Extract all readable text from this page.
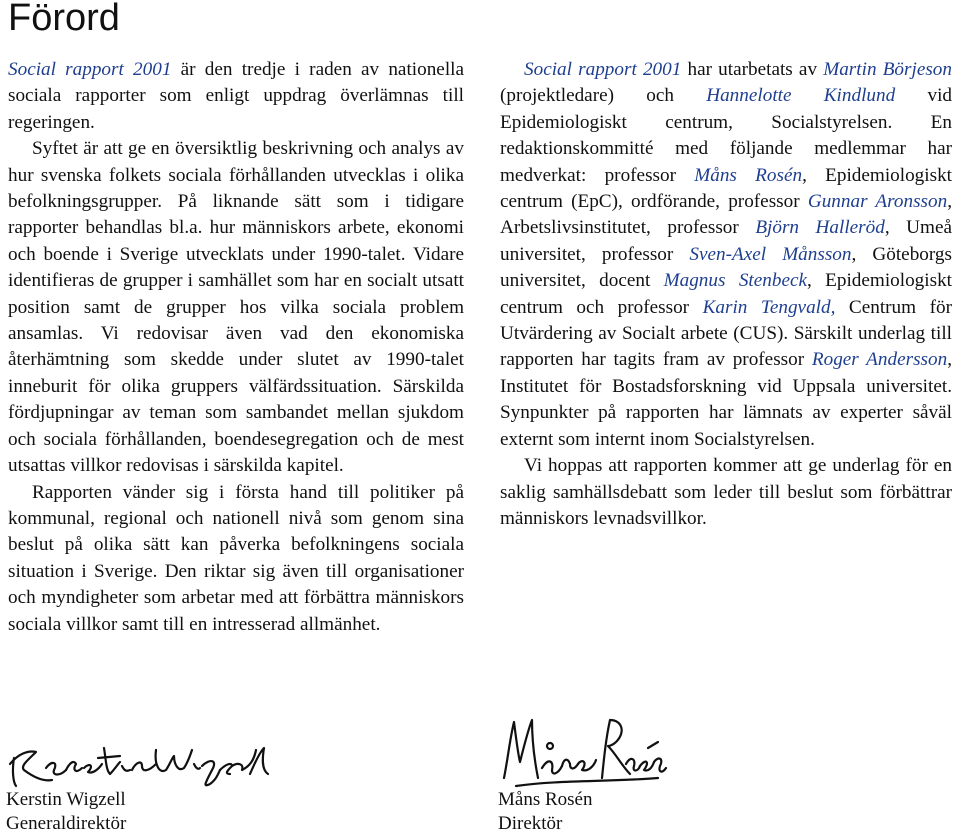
Förord

Social rapport 2001 är den tredje i raden av nationella sociala rapporter som enligt uppdrag överlämnas till regeringen.

Syftet är att ge en översiktlig beskrivning och analys av hur svenska folkets sociala förhållanden utvecklas i olika befolkningsgrupper. På liknande sätt som i tidigare rapporter behandlas bl.a. hur människors arbete, ekonomi och boende i Sverige utvecklats under 1990-talet. Vidare identifieras de grupper i samhället som har en socialt utsatt position samt de grupper hos vilka sociala problem ansamlas. Vi redovisar även vad den ekonomiska återhämtning som skedde under slutet av 1990-talet inneburit för olika gruppers välfärdssituation. Särskilda fördjupningar av teman som sambandet mellan sjukdom och sociala förhållanden, boendesegregation och de mest utsattas villkor redovisas i särskilda kapitel.

Rapporten vänder sig i första hand till politiker på kommunal, regional och nationell nivå som genom sina beslut på olika sätt kan påverka befolkningens sociala situation i Sverige. Den riktar sig även till organisationer och myndigheter som arbetar med att förbättra människors sociala villkor samt till en intresserad allmänhet.

Social rapport 2001 har utarbetats av Martin Börjeson (projektledare) och Hannelotte Kindlund vid Epidemiologiskt centrum, Socialstyrelsen. En redaktionskommitté med följande medlemmar har medverkat: professor Måns Rosén, Epidemiologiskt centrum (EpC), ordförande, professor Gunnar Aronsson, Arbetslivsinstitutet, professor Björn Halleröd, Umeå universitet, professor Sven-Axel Månsson, Göteborgs universitet, docent Magnus Stenbeck, Epidemiologiskt centrum och professor Karin Tengvald, Centrum för Utvärdering av Socialt arbete (CUS). Särskilt underlag till rapporten har tagits fram av professor Roger Andersson, Institutet för Bostadsforskning vid Uppsala universitet. Synpunkter på rapporten har lämnats av experter såväl externt som internt inom Socialstyrelsen.

Vi hoppas att rapporten kommer att ge underlag för en saklig samhällsdebatt som leder till beslut som förbättrar människors levnadsvillkor.

Kerstin Wigzell
Generaldirektör
Måns Rosén
Direktör
